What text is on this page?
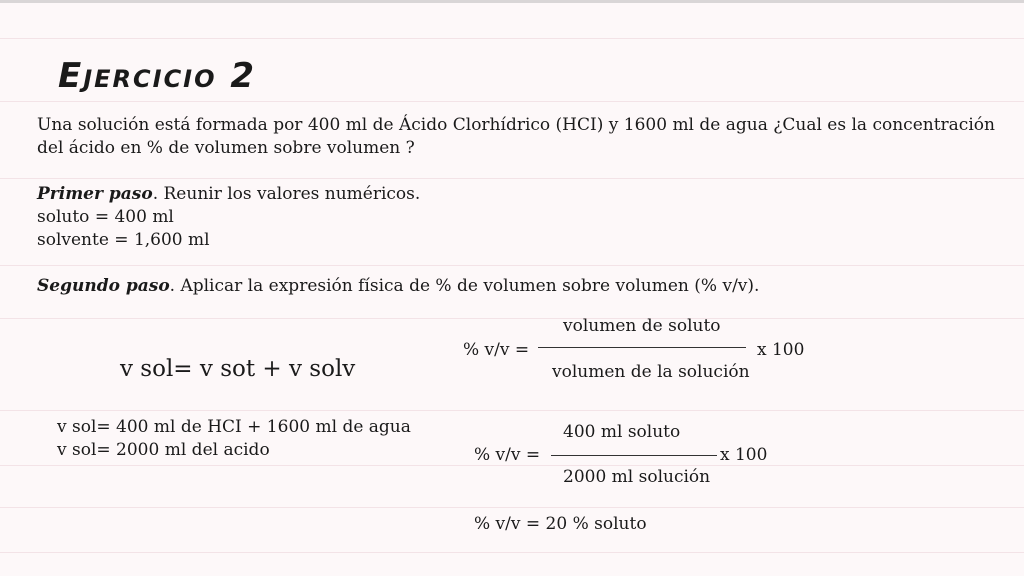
Ejercicio 2
Una solución está formada por 400 ml de Ácido Clorhídrico (HCI) y 1600 ml de agua ¿Cual es la concentración
del ácido en % de volumen sobre volumen ?
Primer paso. Reunir los valores numéricos.
soluto = 400 ml
solvente = 1,600 ml
Segundo paso. Aplicar la expresión física de % de volumen sobre volumen (% v/v).
volumen de soluto
% v/v =	x 100
volumen de la solución
v sol= v sot + v solv
v sol= 400 ml de HCI + 1600 ml de agua
v sol= 2000 ml del acido
400 ml soluto
% v/v =	x 100
2000 ml solución
% v/v = 20 % soluto
